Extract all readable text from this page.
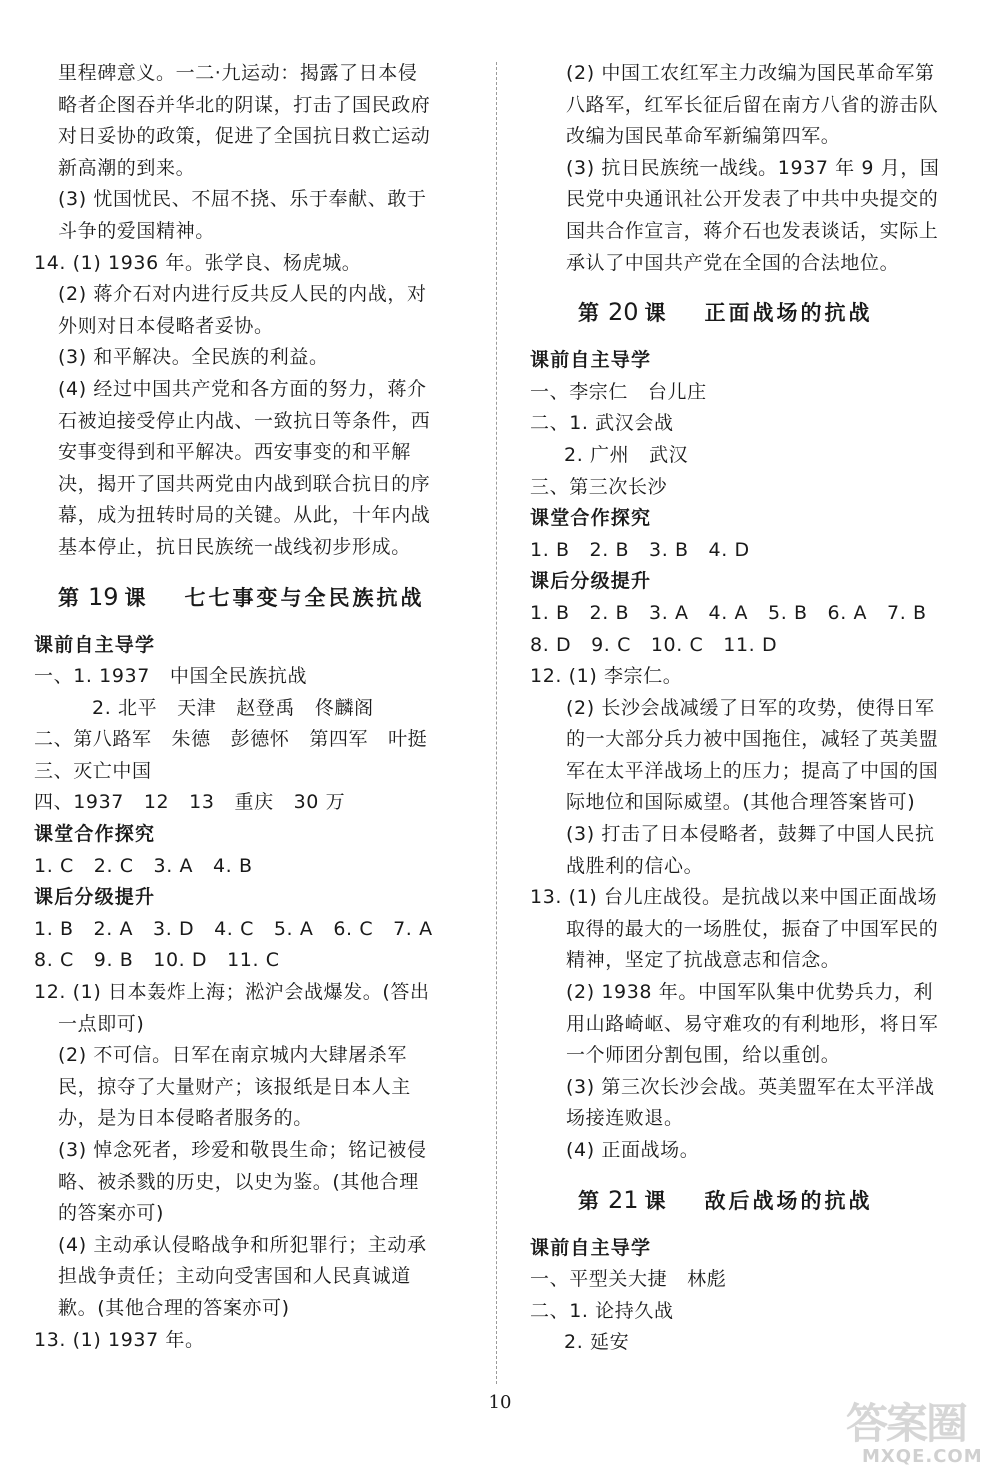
里程碑意义。一二·九运动：揭露了日本侵
略者企图吞并华北的阴谋，打击了国民政府
对日妥协的政策，促进了全国抗日救亡运动
新高潮的到来。
(3) 忧国忧民、不屈不挠、乐于奉献、敢于
斗争的爱国精神。
14. (1) 1936 年。张学良、杨虎城。
(2) 蒋介石对内进行反共反人民的内战，对
外则对日本侵略者妥协。
(3) 和平解决。全民族的利益。
(4) 经过中国共产党和各方面的努力，蒋介
石被迫接受停止内战、一致抗日等条件，西
安事变得到和平解决。西安事变的和平解
决，揭开了国共两党由内战到联合抗日的序
幕，成为扭转时局的关键。从此，十年内战
基本停止，抗日民族统一战线初步形成。
第 19 课 七七事变与全民族抗战
课前自主导学
一、1. 1937   中国全民族抗战
2. 北平   天津   赵登禹   佟麟阁
二、第八路军   朱德   彭德怀   第四军   叶挺
三、灭亡中国
四、1937   12   13   重庆   30 万
课堂合作探究
1. C   2. C   3. A   4. B
课后分级提升
1. B   2. A   3. D   4. C   5. A   6. C   7. A
8. C   9. B   10. D   11. C
12. (1) 日本轰炸上海；淞沪会战爆发。(答出
一点即可)
(2) 不可信。日军在南京城内大肆屠杀军
民，掠夺了大量财产；该报纸是日本人主
办，是为日本侵略者服务的。
(3) 悼念死者，珍爱和敬畏生命；铭记被侵
略、被杀戮的历史，以史为鉴。(其他合理
的答案亦可)
(4) 主动承认侵略战争和所犯罪行；主动承
担战争责任；主动向受害国和人民真诚道
歉。(其他合理的答案亦可)
13. (1) 1937 年。
(2) 中国工农红军主力改编为国民革命军第
八路军，红军长征后留在南方八省的游击队
改编为国民革命军新编第四军。
(3) 抗日民族统一战线。1937 年 9 月，国
民党中央通讯社公开发表了中共中央提交的
国共合作宣言，蒋介石也发表谈话，实际上
承认了中国共产党在全国的合法地位。
第 20 课 正面战场的抗战
课前自主导学
一、李宗仁   台儿庄
二、1. 武汉会战
2. 广州   武汉
三、第三次长沙
课堂合作探究
1. B   2. B   3. B   4. D
课后分级提升
1. B   2. B   3. A   4. A   5. B   6. A   7. B
8. D   9. C   10. C   11. D
12. (1) 李宗仁。
(2) 长沙会战减缓了日军的攻势，使得日军
的一大部分兵力被中国拖住，减轻了英美盟
军在太平洋战场上的压力；提高了中国的国
际地位和国际威望。(其他合理答案皆可)
(3) 打击了日本侵略者，鼓舞了中国人民抗
战胜利的信心。
13. (1) 台儿庄战役。是抗战以来中国正面战场
取得的最大的一场胜仗，振奋了中国军民的
精神，坚定了抗战意志和信念。
(2) 1938 年。中国军队集中优势兵力，利
用山路崎岖、易守难攻的有利地形，将日军
一个师团分割包围，给以重创。
(3) 第三次长沙会战。英美盟军在太平洋战
场接连败退。
(4) 正面战场。
第 21 课 敌后战场的抗战
课前自主导学
一、平型关大捷   林彪
二、1. 论持久战
2. 延安
10	答案圈
MXQE.COM
